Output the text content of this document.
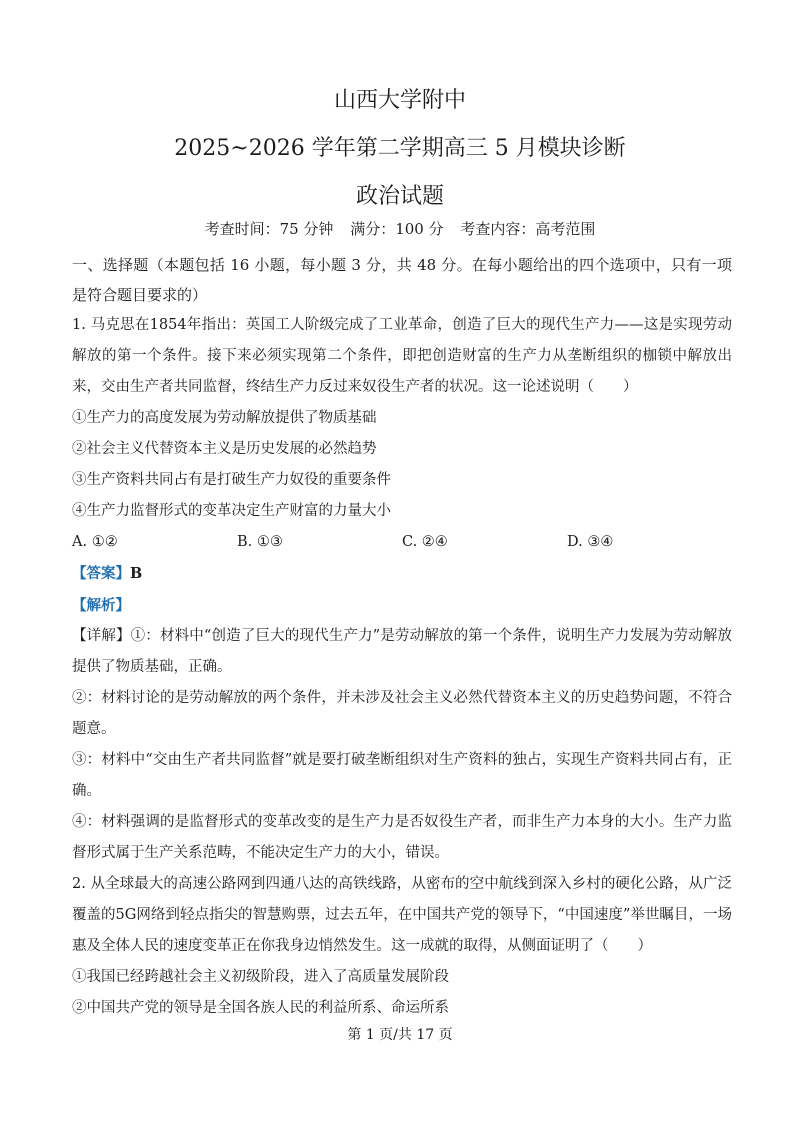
山西大学附中
2025~2026 学年第二学期高三 5 月模块诊断
政治试题
考查时间：75 分钟 满分：100 分 考查内容：高考范围

一、选择题（本题包括 16 小题，每小题 3 分，共 48 分。在每小题给出的四个选项中，只有一项是符合题目要求的）

1. 马克思在1854年指出：英国工人阶级完成了工业革命，创造了巨大的现代生产力——这是实现劳动解放的第一个条件。接下来必须实现第二个条件，即把创造财富的生产力从垄断组织的枷锁中解放出来，交由生产者共同监督，终结生产力反过来奴役生产者的状况。这一论述说明（　　）

①生产力的高度发展为劳动解放提供了物质基础

②社会主义代替资本主义是历史发展的必然趋势

③生产资料共同占有是打破生产力奴役的重要条件

④生产力监督形式的变革决定生产财富的力量大小

A. ①②	B. ①③	C. ②④	D. ③④

【答案】B

【解析】

【详解】①：材料中“创造了巨大的现代生产力”是劳动解放的第一个条件，说明生产力发展为劳动解放提供了物质基础，正确。

②：材料讨论的是劳动解放的两个条件，并未涉及社会主义必然代替资本主义的历史趋势问题，不符合题意。

③：材料中“交由生产者共同监督”就是要打破垄断组织对生产资料的独占，实现生产资料共同占有，正确。

④：材料强调的是监督形式的变革改变的是生产力是否奴役生产者，而非生产力本身的大小。生产力监督形式属于生产关系范畴，不能决定生产力的大小，错误。

2. 从全球最大的高速公路网到四通八达的高铁线路，从密布的空中航线到深入乡村的硬化公路，从广泛覆盖的5G网络到轻点指尖的智慧购票，过去五年，在中国共产党的领导下，“中国速度”举世瞩目，一场惠及全体人民的速度变革正在你我身边悄然发生。这一成就的取得，从侧面证明了（　　）

①我国已经跨越社会主义初级阶段，进入了高质量发展阶段

②中国共产党的领导是全国各族人民的利益所系、命运所系

第 1 页/共 17 页
